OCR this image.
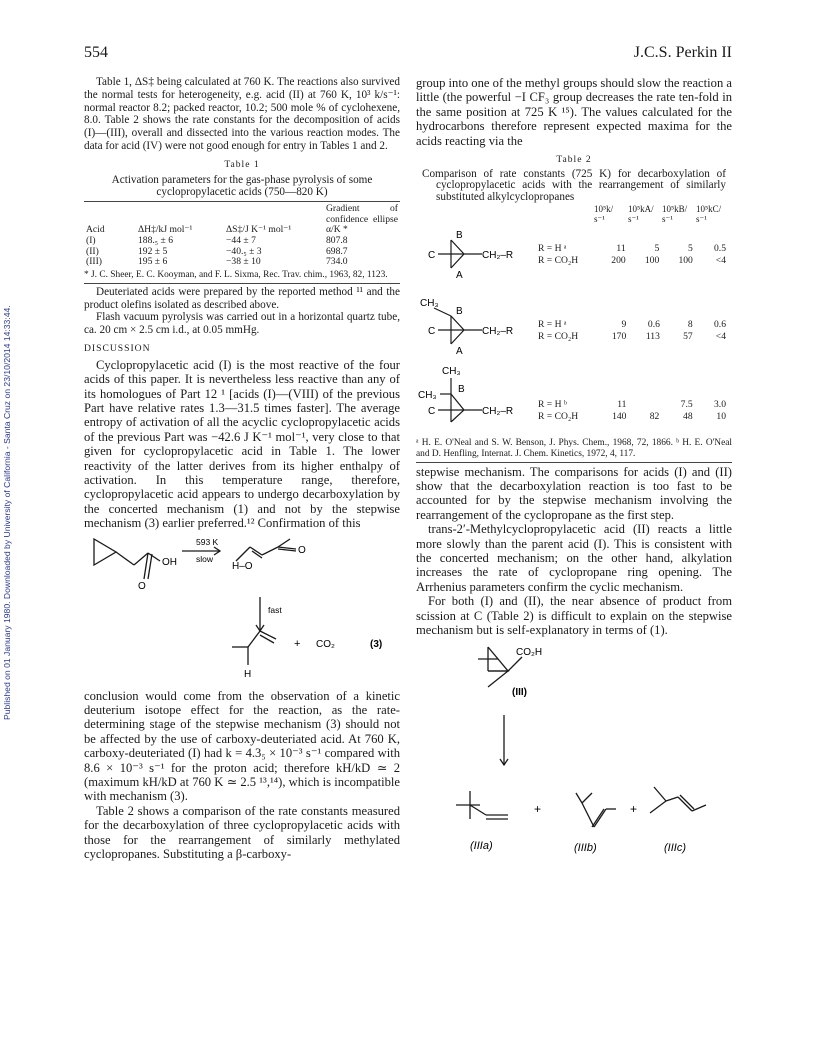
Published on 01 January 1980. Downloaded by University of California - Santa Cruz on 23/10/2014 14:33:44.
554	J.C.S. Perkin II

Table 1, ΔS‡ being calculated at 760 K. The reactions also survived the normal tests for heterogeneity, e.g. acid (II) at 760 K, 10³ k/s⁻¹: normal reactor 8.2; packed reactor, 10.2; 500 mole % of cyclohexene, 8.0. Table 2 shows the rate constants for the decomposition of acids (I)—(III), overall and dissected into the various reaction modes. The data for acid (IV) were not good enough for entry in Tables 1 and 2.

Table 1
Activation parameters for the gas-phase pyrolysis of some cyclopropylacetic acids (750—820 K)
Acid	ΔH‡/kJ mol⁻¹	ΔS‡/J K⁻¹ mol⁻¹	Gradient of confidence ellipse α/K *
(I)	188.₅ ± 6	−44 ± 7	807.8
(II)	192 ± 5	−40.₅ ± 3	698.7
(III)	195 ± 6	−38 ± 10	734.0
* J. C. Sheer, E. C. Kooyman, and F. L. Sixma, Rec. Trav. chim., 1963, 82, 1123.

Deuteriated acids were prepared by the reported method ¹¹ and the product olefins isolated as described above.

Flash vacuum pyrolysis was carried out in a horizontal quartz tube, ca. 20 cm × 2.5 cm i.d., at 0.05 mmHg.

DISCUSSION

Cyclopropylacetic acid (I) is the most reactive of the four acids of this paper. It is nevertheless less reactive than any of its homologues of Part 12 ¹ [acids (I)—(VIII) of the previous Part have relative rates 1.3—31.5 times faster]. The average entropy of activation of all the acyclic cyclopropylacetic acids of the previous Part was −42.6 J K⁻¹ mol⁻¹, very close to that given for cyclopropylacetic acid in Table 1. The lower reactivity of the latter derives from its higher enthalpy of activation. In this temperature range, therefore, cyclopropylacetic acid appears to undergo decarboxylation by the concerted mechanism (1) and not by the stepwise mechanism (3) earlier preferred.¹² Confirmation of this

593 K
slow
OH
O
H–O
O
fast
H
+ CO₂	(3)

conclusion would come from the observation of a kinetic deuterium isotope effect for the reaction, as the rate-determining stage of the stepwise mechanism (3) should not be affected by the use of carboxy-deuteriated acid. At 760 K, carboxy-deuteriated (I) had k = 4.3₅ × 10⁻³ s⁻¹ compared with 8.6 × 10⁻³ s⁻¹ for the proton acid; therefore kH/kD ≃ 2 (maximum kH/kD at 760 K ≃ 2.5 ¹³,¹⁴), which is incompatible with mechanism (3).

Table 2 shows a comparison of the rate constants measured for the decarboxylation of three cyclopropylacetic acids with those for the rearrangement of similarly methylated cyclopropanes. Substituting a β-carboxy-

group into one of the methyl groups should slow the reaction a little (the powerful −I CF₃ group decreases the rate ten-fold in the same position at 725 K ¹⁵). The values calculated for the hydrocarbons therefore represent expected maxima for the acids reacting via the

Table 2
Comparison of rate constants (725 K) for decarboxylation of cyclopropylacetic acids with the rearrangement of similarly substituted alkylcyclopropanes
10⁵k/ s⁻¹
10⁵kA/ s⁻¹
10⁵kB/ s⁻¹
10⁵kC/ s⁻¹
C
B
A
CH₂–R
R = H ᵃ	11	5	5	0.5
R = CO₂H	200	100	100	<4
CH₃
C
B
A
CH₂–R
R = H ᵃ	9	0.6	8	0.6
R = CO₂H	170	113	57	<4
CH₃
CH₃
C
B
CH₂–R
R = H ᵇ	11		7.5	3.0
R = CO₂H	140	82	48	10
ᵃ H. E. O'Neal and S. W. Benson, J. Phys. Chem., 1968, 72, 1866. ᵇ H. E. O'Neal and D. Henfling, Internat. J. Chem. Kinetics, 1972, 4, 117.

stepwise mechanism. The comparisons for acids (I) and (II) show that the decarboxylation reaction is too fast to be accounted for by the stepwise mechanism involving the rearrangement of the cyclopropane as the first step.

trans-2′-Methylcyclopropylacetic acid (II) reacts a little more slowly than the parent acid (I). This is consistent with the concerted mechanism; on the other hand, alkylation increases the rate of cyclopropane ring opening. The Arrhenius parameters confirm the cyclic mechanism.

For both (I) and (II), the near absence of product from scission at C (Table 2) is difficult to explain on the stepwise mechanism but is self-explanatory in terms of (1).

CO₂H
(III)
+	+
(IIIa)	(IIIb)	(IIIc)
